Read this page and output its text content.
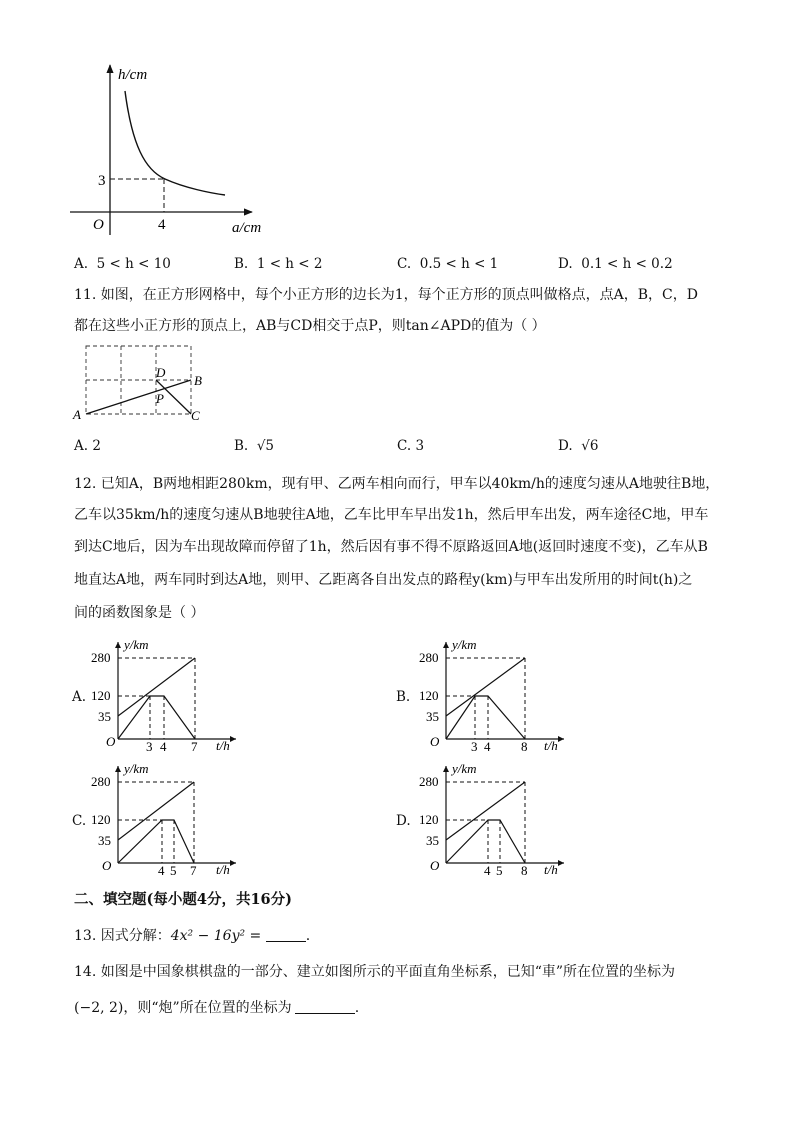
h/cm
a/cm
O	4
3
A. 5 < h < 10	B. 1 < h < 2	C. 0.5 < h < 1	D. 0.1 < h < 0.2
11. 如图，在正方形网格中，每个小正方形的边长为1，每个正方形的顶点叫做格点，点A，B，C，D
都在这些小正方形的顶点上，AB与CD相交于点P，则tan∠APD的值为（ ）
A
B
C
D
P
A. 2	B. √5	C. 3	D. √6
12. 已知A，B两地相距280km，现有甲、乙两车相向而行，甲车以40km/h的速度匀速从A地驶往B地，
乙车以35km/h的速度匀速从B地驶往A地，乙车比甲车早出发1h，然后甲车出发，两车途径C地，甲车
到达C地后，因为车出现故障而停留了1h，然后因有事不得不原路返回A地(返回时速度不变)，乙车从B
地直达A地，两车同时到达A地，则甲、乙距离各自出发点的路程y(km)与甲车出发所用的时间t(h)之
间的函数图象是（ ）
A.
y/km
t/h
O
280
120
35
3 4 7
B.
y/km
t/h
O
280
120
35
3 4 8
C.
y/km
t/h
O
280
120
35
4 5 7
D.
y/km
t/h
O
280
120
35
4 5 8
二、填空题(每小题4分，共16分)
13. 因式分解：4x² − 16y² =	.
14. 如图是中国象棋棋盘的一部分、建立如图所示的平面直角坐标系，已知“車”所在位置的坐标为
(−2, 2)，则“炮”所在位置的坐标为	.
